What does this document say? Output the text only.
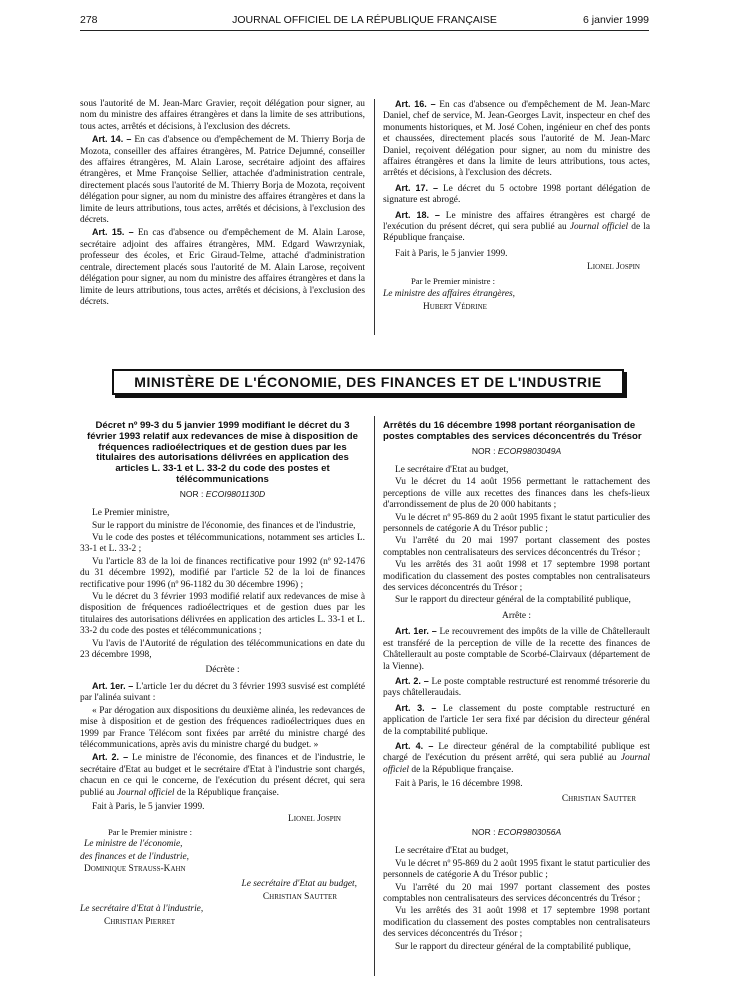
278	JOURNAL OFFICIEL DE LA RÉPUBLIQUE FRANÇAISE	6 janvier 1999

sous l'autorité de M. Jean-Marc Gravier, reçoit délégation pour signer, au nom du ministre des affaires étrangères et dans la limite de ses attributions, tous actes, arrêtés et décisions, à l'exclusion des décrets.

Art. 14. – En cas d'absence ou d'empêchement de M. Thierry Borja de Mozota, conseiller des affaires étrangères, M. Patrice Dejumné, conseiller des affaires étrangères, M. Alain Larose, secrétaire adjoint des affaires étrangères, et Mme Françoise Sellier, attachée d'administration centrale, directement placés sous l'autorité de M. Thierry Borja de Mozota, reçoivent délégation pour signer, au nom du ministre des affaires étrangères et dans la limite de leurs attributions, tous actes, arrêtés et décisions, à l'exclusion des décrets.

Art. 15. – En cas d'absence ou d'empêchement de M. Alain Larose, secrétaire adjoint des affaires étrangères, MM. Edgard Wawrzyniak, professeur des écoles, et Eric Giraud-Telme, attaché d'administration centrale, directement placés sous l'autorité de M. Alain Larose, reçoivent délégation pour signer, au nom du ministre des affaires étrangères et dans la limite de leurs attributions, tous actes, arrêtés et décisions, à l'exclusion des décrets.

Art. 16. – En cas d'absence ou d'empêchement de M. Jean-Marc Daniel, chef de service, M. Jean-Georges Lavit, inspecteur en chef des monuments historiques, et M. José Cohen, ingénieur en chef des ponts et chaussées, directement placés sous l'autorité de M. Jean-Marc Daniel, reçoivent délégation pour signer, au nom du ministre des affaires étrangères et dans la limite de leurs attributions, tous actes, arrêtés et décisions, à l'exclusion des décrets.

Art. 17. – Le décret du 5 octobre 1998 portant délégation de signature est abrogé.

Art. 18. – Le ministre des affaires étrangères est chargé de l'exécution du présent décret, qui sera publié au Journal officiel de la République française.

Fait à Paris, le 5 janvier 1999.

Lionel Jospin

Par le Premier ministre :

Le ministre des affaires étrangères,

Hubert Védrine

MINISTÈRE DE L'ÉCONOMIE, DES FINANCES ET DE L'INDUSTRIE

Décret nº 99-3 du 5 janvier 1999 modifiant le décret du 3 février 1993 relatif aux redevances de mise à disposition de fréquences radioélectriques et de gestion dues par les titulaires des autorisations délivrées en application des articles L. 33-1 et L. 33-2 du code des postes et télécommunications

NOR : ECOI9801130D

Le Premier ministre,

Sur le rapport du ministre de l'économie, des finances et de l'industrie,

Vu le code des postes et télécommunications, notamment ses articles L. 33-1 et L. 33-2 ;

Vu l'article 83 de la loi de finances rectificative pour 1992 (nº 92-1476 du 31 décembre 1992), modifié par l'article 52 de la loi de finances rectificative pour 1996 (nº 96-1182 du 30 décembre 1996) ;

Vu le décret du 3 février 1993 modifié relatif aux redevances de mise à disposition de fréquences radioélectriques et de gestion dues par les titulaires des autorisations délivrées en application des articles L. 33-1 et L. 33-2 du code des postes et télécommunications ;

Vu l'avis de l'Autorité de régulation des télécommunications en date du 23 décembre 1998,

Décrète :

Art. 1er. – L'article 1er du décret du 3 février 1993 susvisé est complété par l'alinéa suivant :

« Par dérogation aux dispositions du deuxième alinéa, les redevances de mise à disposition et de gestion des fréquences radioélectriques dues en 1999 par France Télécom sont fixées par arrêté du ministre chargé des télécommunications, après avis du ministre chargé du budget. »

Art. 2. – Le ministre de l'économie, des finances et de l'industrie, le secrétaire d'Etat au budget et le secrétaire d'Etat à l'industrie sont chargés, chacun en ce qui le concerne, de l'exécution du présent décret, qui sera publié au Journal officiel de la République française.

Fait à Paris, le 5 janvier 1999.

Lionel Jospin

Par le Premier ministre :

Le ministre de l'économie,

des finances et de l'industrie,

Dominique Strauss-Kahn

Le secrétaire d'Etat au budget,

Christian Sautter

Le secrétaire d'Etat à l'industrie,

Christian Pierret

Arrêtés du 16 décembre 1998 portant réorganisation de postes comptables des services déconcentrés du Trésor

NOR : ECOR9803049A

Le secrétaire d'Etat au budget,

Vu le décret du 14 août 1956 permettant le rattachement des perceptions de ville aux recettes des finances dans les chefs-lieux d'arrondissement de plus de 20 000 habitants ;

Vu le décret nº 95-869 du 2 août 1995 fixant le statut particulier des personnels de catégorie A du Trésor public ;

Vu l'arrêté du 20 mai 1997 portant classement des postes comptables non centralisateurs des services déconcentrés du Trésor ;

Vu les arrêtés des 31 août 1998 et 17 septembre 1998 portant modification du classement des postes comptables non centralisateurs des services déconcentrés du Trésor ;

Sur le rapport du directeur général de la comptabilité publique,

Arrête :

Art. 1er. – Le recouvrement des impôts de la ville de Châtellerault est transféré de la perception de ville de la recette des finances de Châtellerault au poste comptable de Scorbé-Clairvaux (département de la Vienne).

Art. 2. – Le poste comptable restructuré est renommé trésorerie du pays châtelleraudais.

Art. 3. – Le classement du poste comptable restructuré en application de l'article 1er sera fixé par décision du directeur général de la comptabilité publique.

Art. 4. – Le directeur général de la comptabilité publique est chargé de l'exécution du présent arrêté, qui sera publié au Journal officiel de la République française.

Fait à Paris, le 16 décembre 1998.

Christian Sautter

NOR : ECOR9803056A

Le secrétaire d'Etat au budget,

Vu le décret nº 95-869 du 2 août 1995 fixant le statut particulier des personnels de catégorie A du Trésor public ;

Vu l'arrêté du 20 mai 1997 portant classement des postes comptables non centralisateurs des services déconcentrés du Trésor ;

Vu les arrêtés des 31 août 1998 et 17 septembre 1998 portant modification du classement des postes comptables non centralisateurs des services déconcentrés du Trésor ;

Sur le rapport du directeur général de la comptabilité publique,
